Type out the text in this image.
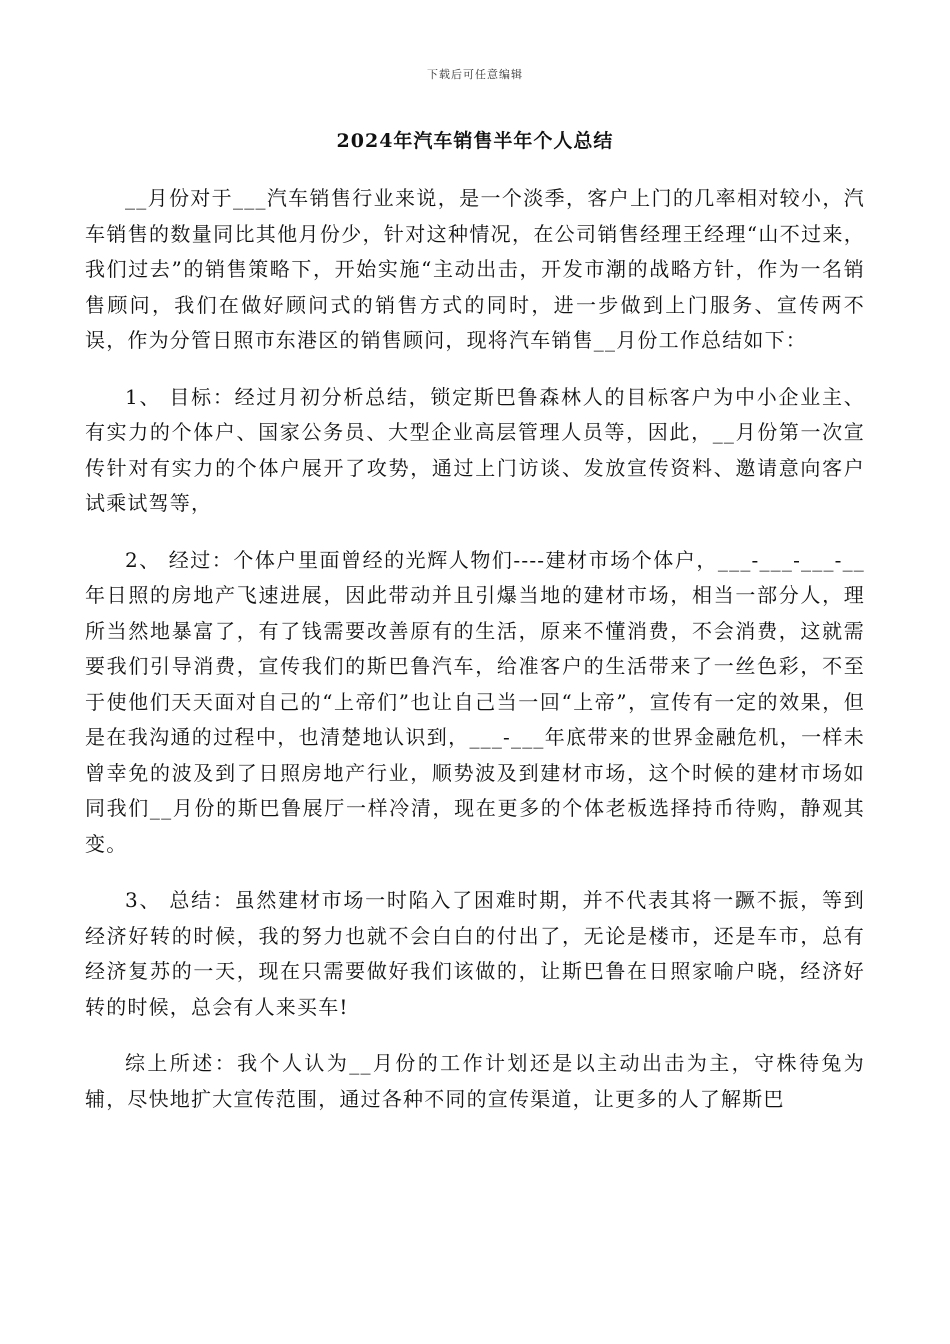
下载后可任意编辑
2024年汽车销售半年个人总结

__月份对于___汽车销售行业来说，是一个淡季，客户上门的几率相对较小，汽车销售的数量同比其他月份少，针对这种情况，在公司销售经理王经理“山不过来，我们过去”的销售策略下，开始实施“主动出击，开发市潮的战略方针，作为一名销售顾问，我们在做好顾问式的销售方式的同时，进一步做到上门服务、宣传两不误，作为分管日照市东港区的销售顾问，现将汽车销售__月份工作总结如下：

1、 目标：经过月初分析总结，锁定斯巴鲁森林人的目标客户为中小企业主、有实力的个体户、国家公务员、大型企业高层管理人员等，因此，__月份第一次宣传针对有实力的个体户展开了攻势，通过上门访谈、发放宣传资料、邀请意向客户试乘试驾等，

2、 经过：个体户里面曾经的光辉人物们----建材市场个体户，___-___-___-__年日照的房地产飞速进展，因此带动并且引爆当地的建材市场，相当一部分人，理所当然地暴富了，有了钱需要改善原有的生活，原来不懂消费，不会消费，这就需要我们引导消费，宣传我们的斯巴鲁汽车，给准客户的生活带来了一丝色彩，不至于使他们天天面对自己的“上帝们”也让自己当一回“上帝”，宣传有一定的效果，但是在我沟通的过程中，也清楚地认识到，___-___年底带来的世界金融危机，一样未曾幸免的波及到了日照房地产行业，顺势波及到建材市场，这个时候的建材市场如同我们__月份的斯巴鲁展厅一样冷清，现在更多的个体老板选择持币待购，静观其变。

3、 总结：虽然建材市场一时陷入了困难时期，并不代表其将一蹶不振，等到经济好转的时候，我的努力也就不会白白的付出了，无论是楼市，还是车市，总有经济复苏的一天，现在只需要做好我们该做的，让斯巴鲁在日照家喻户晓，经济好转的时候，总会有人来买车!

综上所述：我个人认为__月份的工作计划还是以主动出击为主，守株待兔为辅，尽快地扩大宣传范围，通过各种不同的宣传渠道，让更多的人了解斯巴
